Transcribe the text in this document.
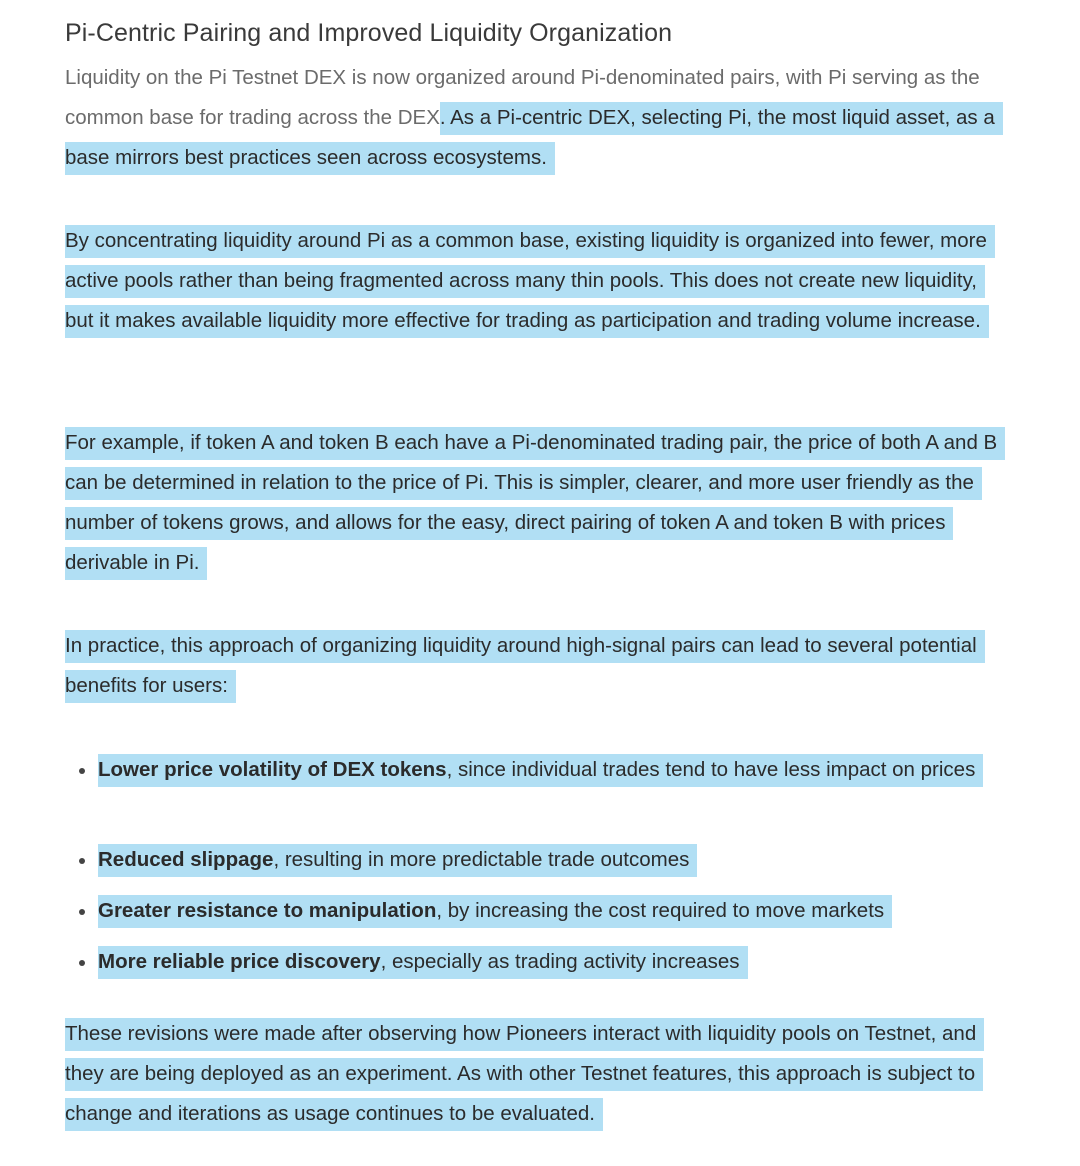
Pi-Centric Pairing and Improved Liquidity Organization

Liquidity on the Pi Testnet DEX is now organized around Pi-denominated pairs, with Pi serving as the common base for trading across the DEX. As a Pi-centric DEX, selecting Pi, the most liquid asset, as a base mirrors best practices seen across ecosystems.

By concentrating liquidity around Pi as a common base, existing liquidity is organized into fewer, more active pools rather than being fragmented across many thin pools. This does not create new liquidity, but it makes available liquidity more effective for trading as participation and trading volume increase.

For example, if token A and token B each have a Pi-denominated trading pair, the price of both A and B can be determined in relation to the price of Pi. This is simpler, clearer, and more user friendly as the number of tokens grows, and allows for the easy, direct pairing of token A and token B with prices derivable in Pi.

In practice, this approach of organizing liquidity around high-signal pairs can lead to several potential benefits for users:

Lower price volatility of DEX tokens, since individual trades tend to have less impact on prices
Reduced slippage, resulting in more predictable trade outcomes
Greater resistance to manipulation, by increasing the cost required to move markets
More reliable price discovery, especially as trading activity increases

These revisions were made after observing how Pioneers interact with liquidity pools on Testnet, and they are being deployed as an experiment. As with other Testnet features, this approach is subject to change and iterations as usage continues to be evaluated.
